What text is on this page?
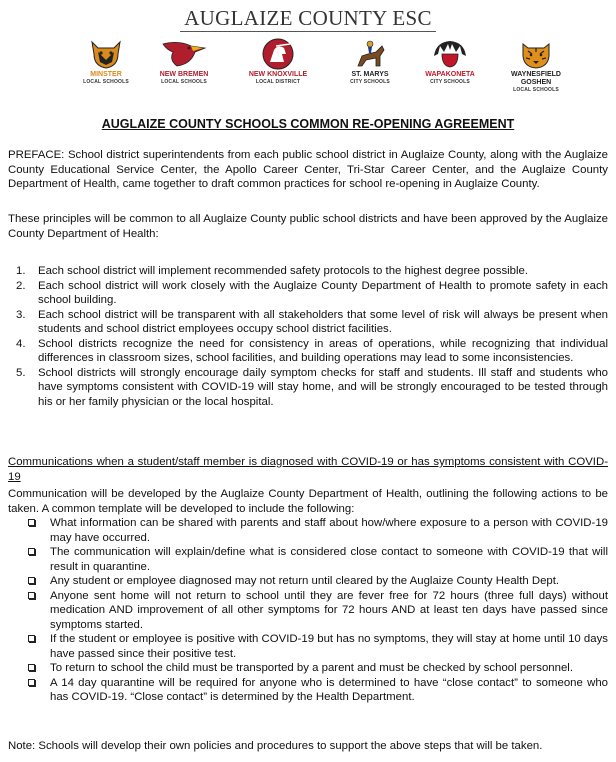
AUGLAIZE COUNTY ESC
MINSTER
LOCAL SCHOOLS
NEW BREMEN
LOCAL SCHOOLS
NEW KNOXVILLE
LOCAL DISTRICT
ST. MARYS
CITY SCHOOLS
WAPAKONETA
CITY SCHOOLS
WAYNESFIELD GOSHEN
LOCAL SCHOOLS
AUGLAIZE COUNTY SCHOOLS COMMON RE-OPENING AGREEMENT
PREFACE: School district superintendents from each public school district in Auglaize County, along with the Auglaize County Educational Service Center, the Apollo Career Center, Tri-Star Career Center, and the Auglaize County Department of Health, came together to draft common practices for school re-opening in Auglaize County.
These principles will be common to all Auglaize County public school districts and have been approved by the Auglaize County Department of Health:
1. Each school district will implement recommended safety protocols to the highest degree possible.
2. Each school district will work closely with the Auglaize County Department of Health to promote safety in each school building.
3. Each school district will be transparent with all stakeholders that some level of risk will always be present when students and school district employees occupy school district facilities.
4. School districts recognize the need for consistency in areas of operations, while recognizing that individual differences in classroom sizes, school facilities, and building operations may lead to some inconsistencies.
5. School districts will strongly encourage daily symptom checks for staff and students. Ill staff and students who have symptoms consistent with COVID-19 will stay home, and will be strongly encouraged to be tested through his or her family physician or the local hospital.
Communications when a student/staff member is diagnosed with COVID-19 or has symptoms consistent with COVID-19
Communication will be developed by the Auglaize County Department of Health, outlining the following actions to be taken. A common template will be developed to include the following:
What information can be shared with parents and staff about how/where exposure to a person with COVID-19 may have occurred.
The communication will explain/define what is considered close contact to someone with COVID-19 that will result in quarantine.
Any student or employee diagnosed may not return until cleared by the Auglaize County Health Dept.
Anyone sent home will not return to school until they are fever free for 72 hours (three full days) without medication AND improvement of all other symptoms for 72 hours AND at least ten days have passed since symptoms started.
If the student or employee is positive with COVID-19 but has no symptoms, they will stay at home until 10 days have passed since their positive test.
To return to school the child must be transported by a parent and must be checked by school personnel.
A 14 day quarantine will be required for anyone who is determined to have “close contact” to someone who has COVID-19. “Close contact” is determined by the Health Department.
Note: Schools will develop their own policies and procedures to support the above steps that will be taken.
